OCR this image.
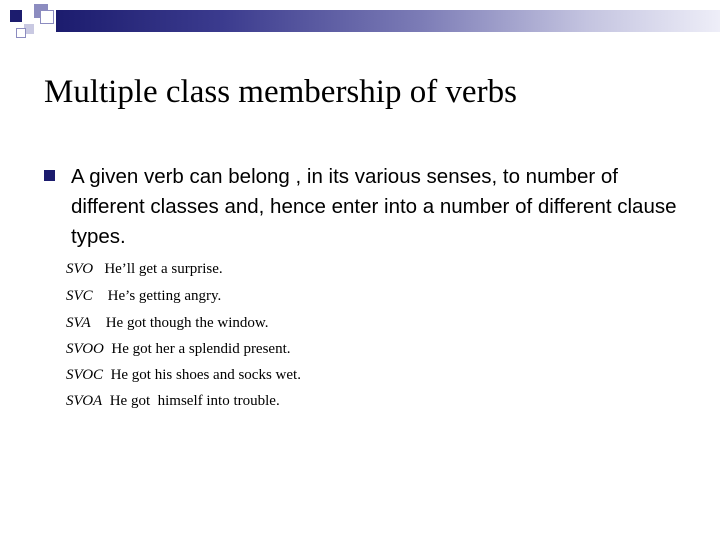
Multiple class membership of verbs

A given verb can belong , in its various senses, to number of different classes and, hence enter into a number of different clause types.

SVO He’ll get a surprise.
SVC He’s getting angry.
SVA He got though the window.
SVOO He got her a splendid present.
SVOC He got his shoes and socks wet.
SVOA He got  himself into trouble.
